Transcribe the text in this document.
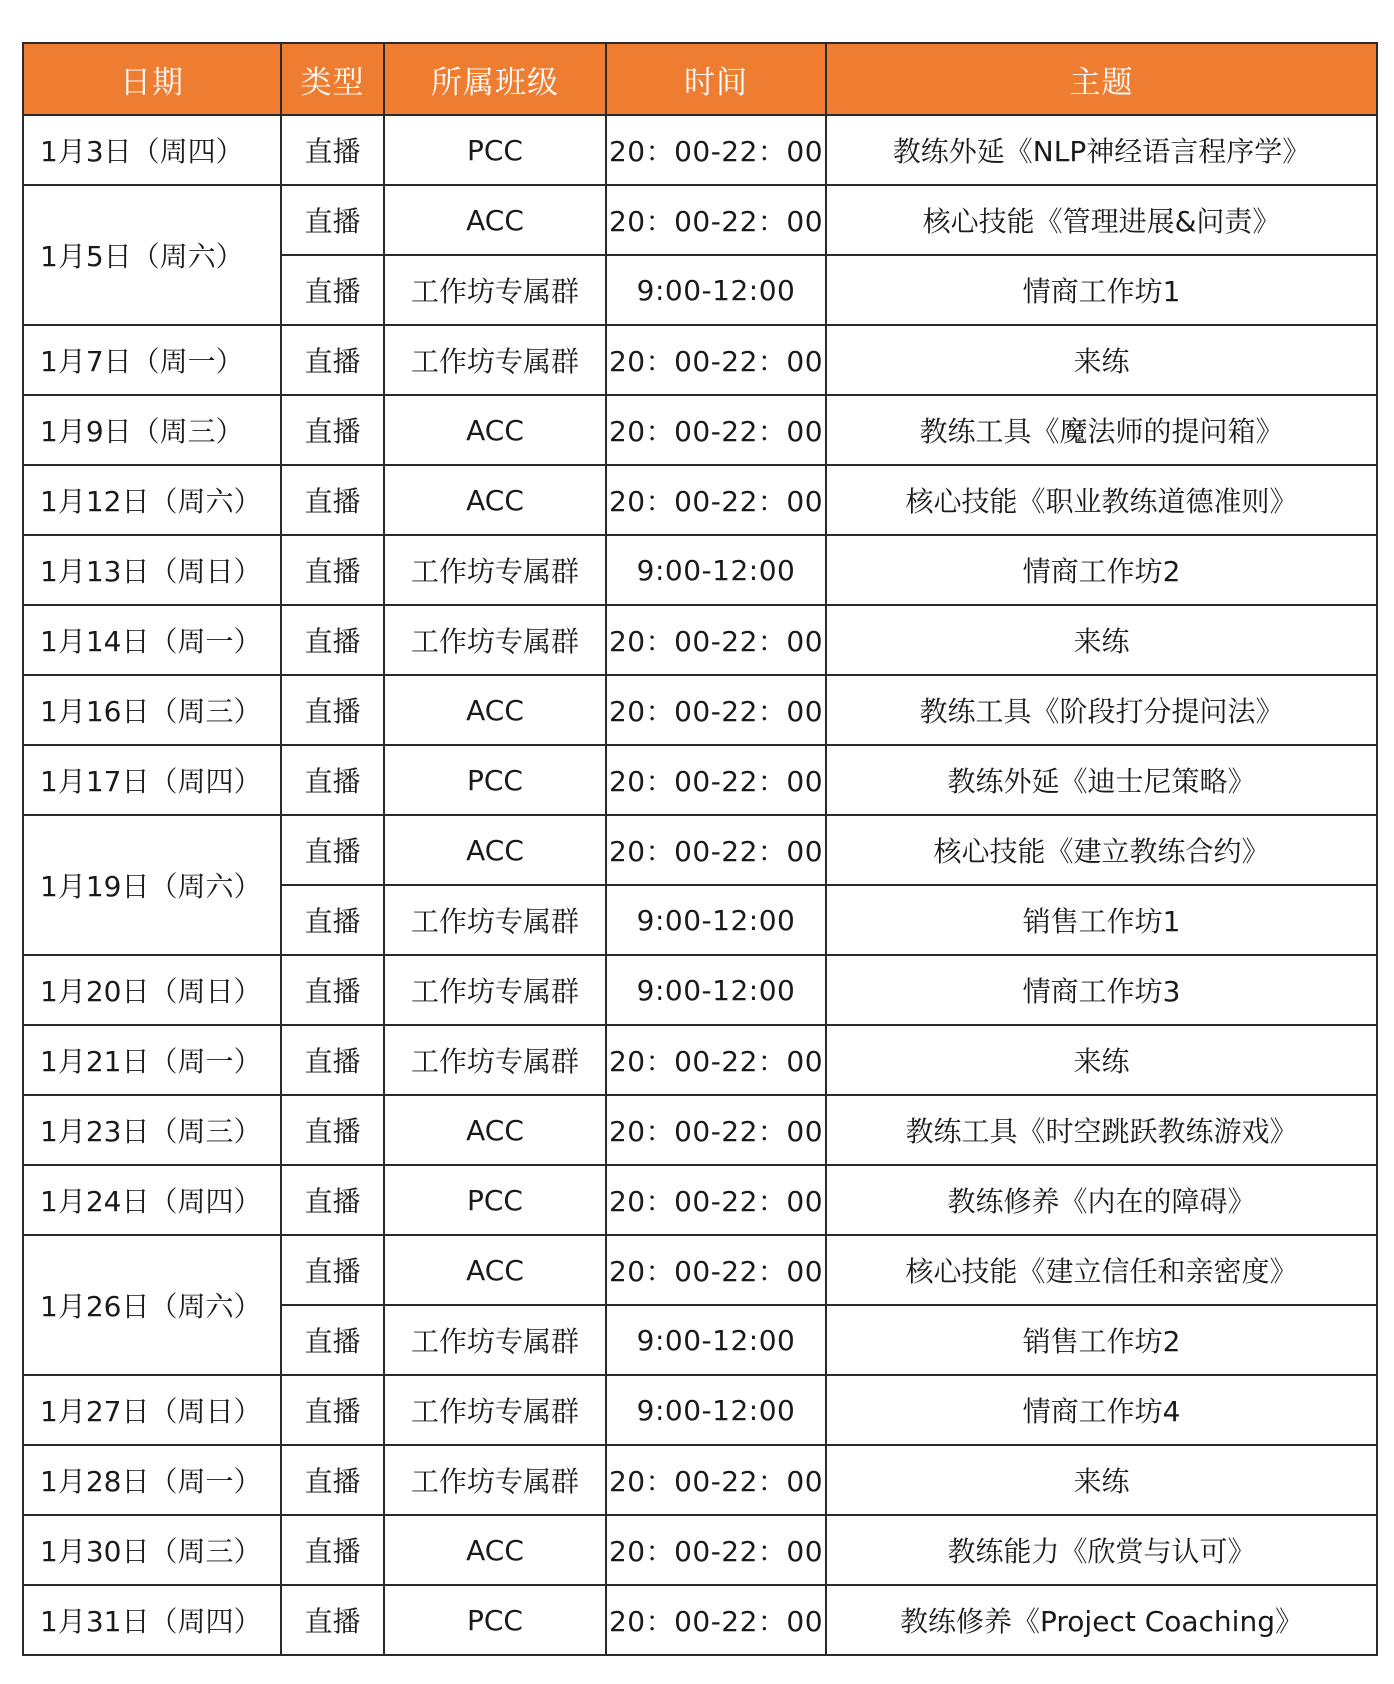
日期	类型	所属班级	时间	主题
1月3日（周四）	直播	PCC	20：00-22：00	教练外延《NLP神经语言程序学》
1月5日（周六）	直播	ACC	20：00-22：00	核心技能《管理进展&问责》
	直播	工作坊专属群	9:00-12:00	情商工作坊1
1月7日（周一）	直播	工作坊专属群	20：00-22：00	来练
1月9日（周三）	直播	ACC	20：00-22：00	教练工具《魔法师的提问箱》
1月12日（周六）	直播	ACC	20：00-22：00	核心技能《职业教练道德准则》
1月13日（周日）	直播	工作坊专属群	9:00-12:00	情商工作坊2
1月14日（周一）	直播	工作坊专属群	20：00-22：00	来练
1月16日（周三）	直播	ACC	20：00-22：00	教练工具《阶段打分提问法》
1月17日（周四）	直播	PCC	20：00-22：00	教练外延《迪士尼策略》
1月19日（周六）	直播	ACC	20：00-22：00	核心技能《建立教练合约》
	直播	工作坊专属群	9:00-12:00	销售工作坊1
1月20日（周日）	直播	工作坊专属群	9:00-12:00	情商工作坊3
1月21日（周一）	直播	工作坊专属群	20：00-22：00	来练
1月23日（周三）	直播	ACC	20：00-22：00	教练工具《时空跳跃教练游戏》
1月24日（周四）	直播	PCC	20：00-22：00	教练修养《内在的障碍》
1月26日（周六）	直播	ACC	20：00-22：00	核心技能《建立信任和亲密度》
	直播	工作坊专属群	9:00-12:00	销售工作坊2
1月27日（周日）	直播	工作坊专属群	9:00-12:00	情商工作坊4
1月28日（周一）	直播	工作坊专属群	20：00-22：00	来练
1月30日（周三）	直播	ACC	20：00-22：00	教练能力《欣赏与认可》
1月31日（周四）	直播	PCC	20：00-22：00	教练修养《Project Coaching》
